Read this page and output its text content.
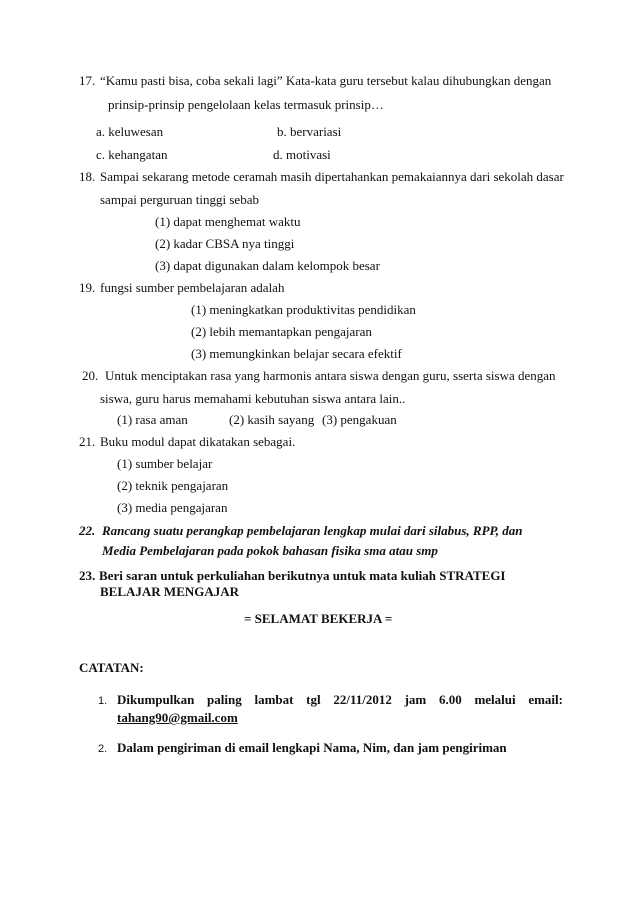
17. “Kamu pasti bisa, coba sekali lagi” Kata-kata guru tersebut kalau dihubungkan dengan
prinsip-prinsip pengelolaan kelas termasuk prinsip…
a. keluwesan	b. bervariasi
c. kehangatan	d. motivasi
18. Sampai sekarang metode ceramah masih dipertahankan pemakaiannya dari sekolah dasar
sampai perguruan tinggi sebab
(1) dapat menghemat waktu
(2) kadar CBSA nya tinggi
(3) dapat digunakan dalam kelompok besar
19. fungsi sumber pembelajaran adalah
(1) meningkatkan produktivitas pendidikan
(2) lebih memantapkan pengajaran
(3) memungkinkan belajar secara efektif
20. Untuk menciptakan rasa yang harmonis antara siswa dengan guru, sserta siswa dengan
siswa, guru harus memahami kebutuhan siswa antara lain..
(1) rasa aman	(2) kasih sayang (3) pengakuan
21. Buku modul dapat dikatakan sebagai.
(1) sumber belajar
(2) teknik pengajaran
(3) media pengajaran
22. Rancang suatu perangkap pembelajaran lengkap mulai dari silabus, RPP, dan
Media Pembelajaran pada pokok bahasan fisika sma atau smp
23. Beri saran untuk perkuliahan berikutnya untuk mata kuliah STRATEGI
BELAJAR MENGAJAR
= SELAMAT BEKERJA =
CATATAN:
1. Dikumpulkan paling lambat tgl 22/11/2012 jam 6.00 melalui email:
tahang90@gmail.com
2. Dalam pengiriman di email lengkapi Nama, Nim, dan jam pengiriman
